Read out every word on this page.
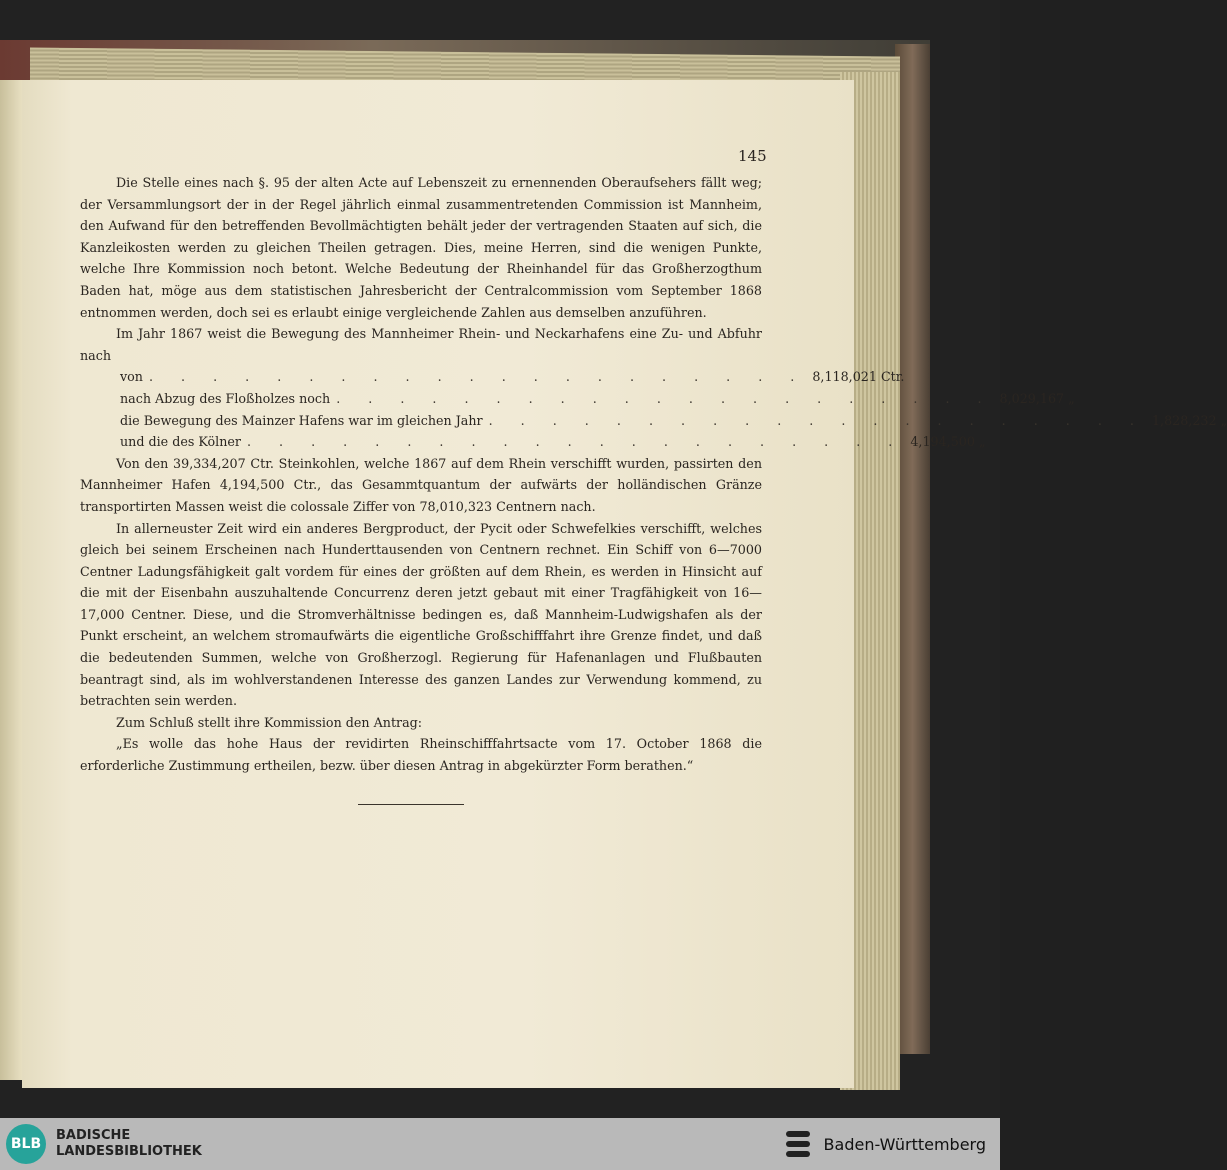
145

Die Stelle eines nach §. 95 der alten Acte auf Lebenszeit zu ernennenden Oberaufsehers fällt weg; der Versammlungsort der in der Regel jährlich einmal zusammentretenden Commission ist Mannheim, den Aufwand für den betreffenden Bevollmächtigten behält jeder der vertragenden Staaten auf sich, die Kanzleikosten werden zu gleichen Theilen getragen. Dies, meine Herren, sind die wenigen Punkte, welche Ihre Kommission noch betont. Welche Bedeutung der Rheinhandel für das Großherzogthum Baden hat, möge aus dem statistischen Jahresbericht der Centralcommission vom September 1868 entnommen werden, doch sei es erlaubt einige vergleichende Zahlen aus demselben anzuführen.

Im Jahr 1867 weist die Bewegung des Mannheimer Rhein- und Neckarhafens eine Zu- und Abfuhr nach

von . . . . . . . . . . . . . . . . . . . . . 8,118,021 Ctr.
nach Abzug des Floßholzes noch . . . . . . . . . . . . . . . . . . . . . 8,029,167 „
die Bewegung des Mainzer Hafens war im gleichen Jahr . . . . . . . . . . . . . . . . . . . . . 1,828,232 „
und die des Kölner . . . . . . . . . . . . . . . . . . . . . 4,194,500 „

Von den 39,334,207 Ctr. Steinkohlen, welche 1867 auf dem Rhein verschifft wurden, passirten den Mannheimer Hafen 4,194,500 Ctr., das Gesammtquantum der aufwärts der holländischen Gränze transportirten Massen weist die colossale Ziffer von 78,010,323 Centnern nach.

In allerneuster Zeit wird ein anderes Bergproduct, der Pycit oder Schwefelkies verschifft, welches gleich bei seinem Erscheinen nach Hunderttausenden von Centnern rechnet. Ein Schiff von 6—7000 Centner Ladungsfähigkeit galt vordem für eines der größten auf dem Rhein, es werden in Hinsicht auf die mit der Eisenbahn auszuhaltende Concurrenz deren jetzt gebaut mit einer Tragfähigkeit von 16—17,000 Centner. Diese, und die Stromverhältnisse bedingen es, daß Mannheim-Ludwigshafen als der Punkt erscheint, an welchem stromaufwärts die eigentliche Großschifffahrt ihre Grenze findet, und daß die bedeutenden Summen, welche von Großherzogl. Regierung für Hafenanlagen und Flußbauten beantragt sind, als im wohlverstandenen Interesse des ganzen Landes zur Verwendung kommend, zu betrachten sein werden.

Zum Schluß stellt ihre Kommission den Antrag:

„Es wolle das hohe Haus der revidirten Rheinschifffahrtsacte vom 17. October 1868 die erforderliche Zustimmung ertheilen, bezw. über diesen Antrag in abgekürzter Form berathen.“

BLB
BADISCHE
LANDESBIBLIOTHEK	Baden-Württemberg
